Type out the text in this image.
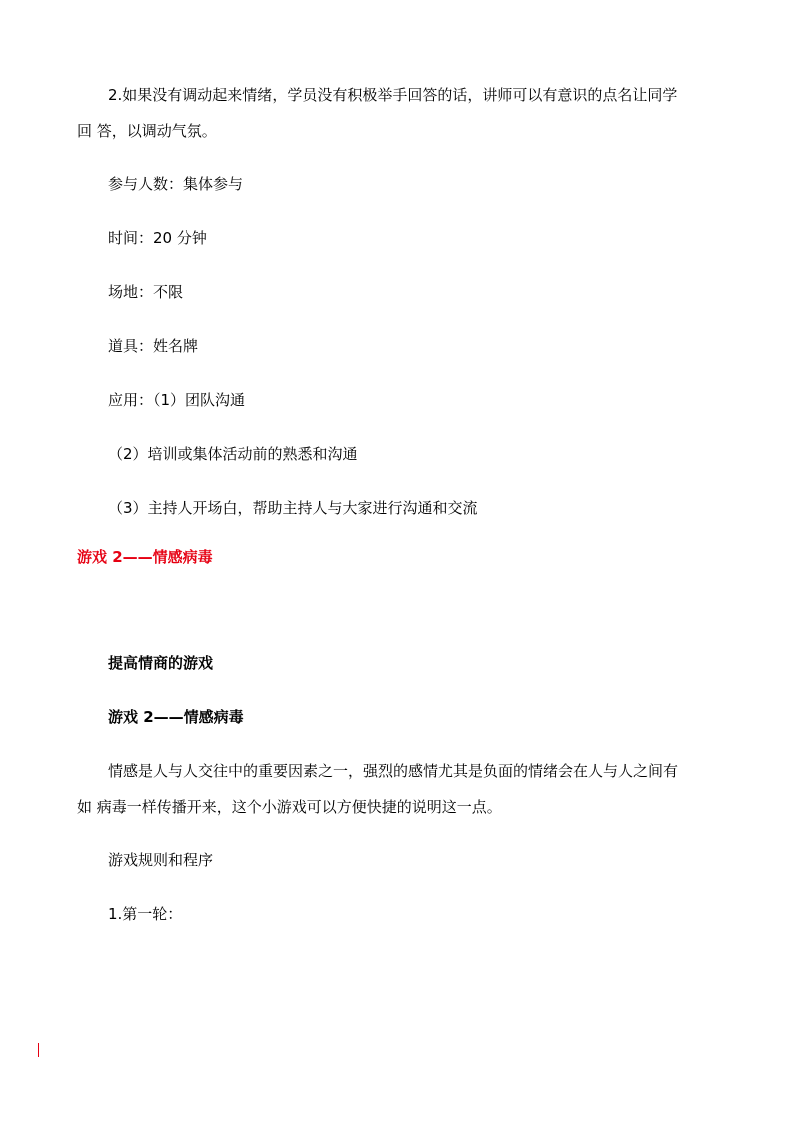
2.如果没有调动起来情绪，学员没有积极举手回答的话，讲师可以有意识的点名让同学
回 答，以调动气氛。
参与人数：集体参与
时间：20 分钟
场地：不限
道具：姓名牌
应用：（1）团队沟通
（2）培训或集体活动前的熟悉和沟通
（3）主持人开场白，帮助主持人与大家进行沟通和交流
游戏 2——情感病毒
提高情商的游戏
游戏 2——情感病毒
情感是人与人交往中的重要因素之一，强烈的感情尤其是负面的情绪会在人与人之间有
如 病毒一样传播开来，这个小游戏可以方便快捷的说明这一点。
游戏规则和程序
1.第一轮：
